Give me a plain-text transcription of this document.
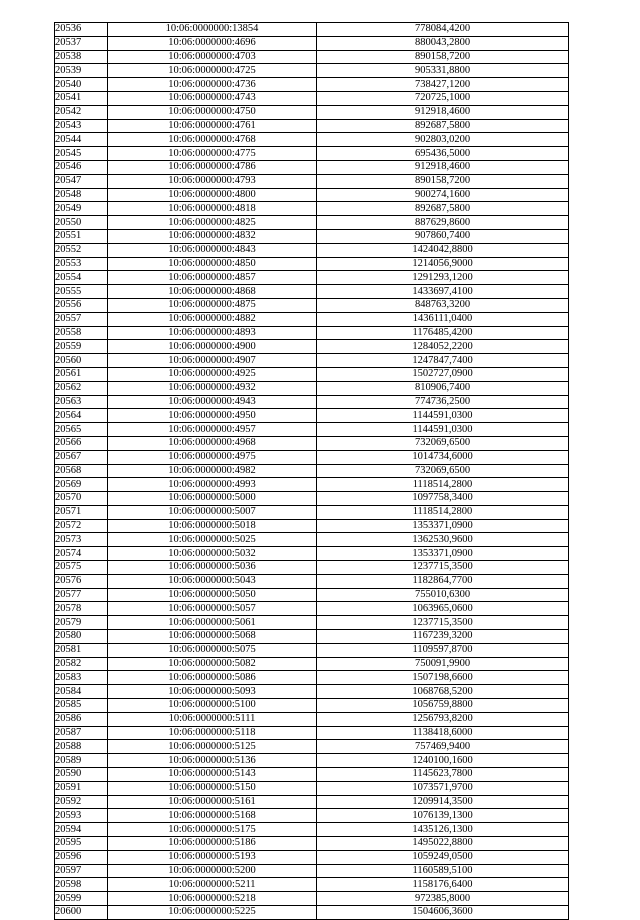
20536	10:06:0000000:13854	778084,4200
20537	10:06:0000000:4696	880043,2800
20538	10:06:0000000:4703	890158,7200
20539	10:06:0000000:4725	905331,8800
20540	10:06:0000000:4736	738427,1200
20541	10:06:0000000:4743	720725,1000
20542	10:06:0000000:4750	912918,4600
20543	10:06:0000000:4761	892687,5800
20544	10:06:0000000:4768	902803,0200
20545	10:06:0000000:4775	695436,5000
20546	10:06:0000000:4786	912918,4600
20547	10:06:0000000:4793	890158,7200
20548	10:06:0000000:4800	900274,1600
20549	10:06:0000000:4818	892687,5800
20550	10:06:0000000:4825	887629,8600
20551	10:06:0000000:4832	907860,7400
20552	10:06:0000000:4843	1424042,8800
20553	10:06:0000000:4850	1214056,9000
20554	10:06:0000000:4857	1291293,1200
20555	10:06:0000000:4868	1433697,4100
20556	10:06:0000000:4875	848763,3200
20557	10:06:0000000:4882	1436111,0400
20558	10:06:0000000:4893	1176485,4200
20559	10:06:0000000:4900	1284052,2200
20560	10:06:0000000:4907	1247847,7400
20561	10:06:0000000:4925	1502727,0900
20562	10:06:0000000:4932	810906,7400
20563	10:06:0000000:4943	774736,2500
20564	10:06:0000000:4950	1144591,0300
20565	10:06:0000000:4957	1144591,0300
20566	10:06:0000000:4968	732069,6500
20567	10:06:0000000:4975	1014734,6000
20568	10:06:0000000:4982	732069,6500
20569	10:06:0000000:4993	1118514,2800
20570	10:06:0000000:5000	1097758,3400
20571	10:06:0000000:5007	1118514,2800
20572	10:06:0000000:5018	1353371,0900
20573	10:06:0000000:5025	1362530,9600
20574	10:06:0000000:5032	1353371,0900
20575	10:06:0000000:5036	1237715,3500
20576	10:06:0000000:5043	1182864,7700
20577	10:06:0000000:5050	755010,6300
20578	10:06:0000000:5057	1063965,0600
20579	10:06:0000000:5061	1237715,3500
20580	10:06:0000000:5068	1167239,3200
20581	10:06:0000000:5075	1109597,8700
20582	10:06:0000000:5082	750091,9900
20583	10:06:0000000:5086	1507198,6600
20584	10:06:0000000:5093	1068768,5200
20585	10:06:0000000:5100	1056759,8800
20586	10:06:0000000:5111	1256793,8200
20587	10:06:0000000:5118	1138418,6000
20588	10:06:0000000:5125	757469,9400
20589	10:06:0000000:5136	1240100,1600
20590	10:06:0000000:5143	1145623,7800
20591	10:06:0000000:5150	1073571,9700
20592	10:06:0000000:5161	1209914,3500
20593	10:06:0000000:5168	1076139,1300
20594	10:06:0000000:5175	1435126,1300
20595	10:06:0000000:5186	1495022,8800
20596	10:06:0000000:5193	1059249,0500
20597	10:06:0000000:5200	1160589,5100
20598	10:06:0000000:5211	1158176,6400
20599	10:06:0000000:5218	972385,8000
20600	10:06:0000000:5225	1504606,3600
